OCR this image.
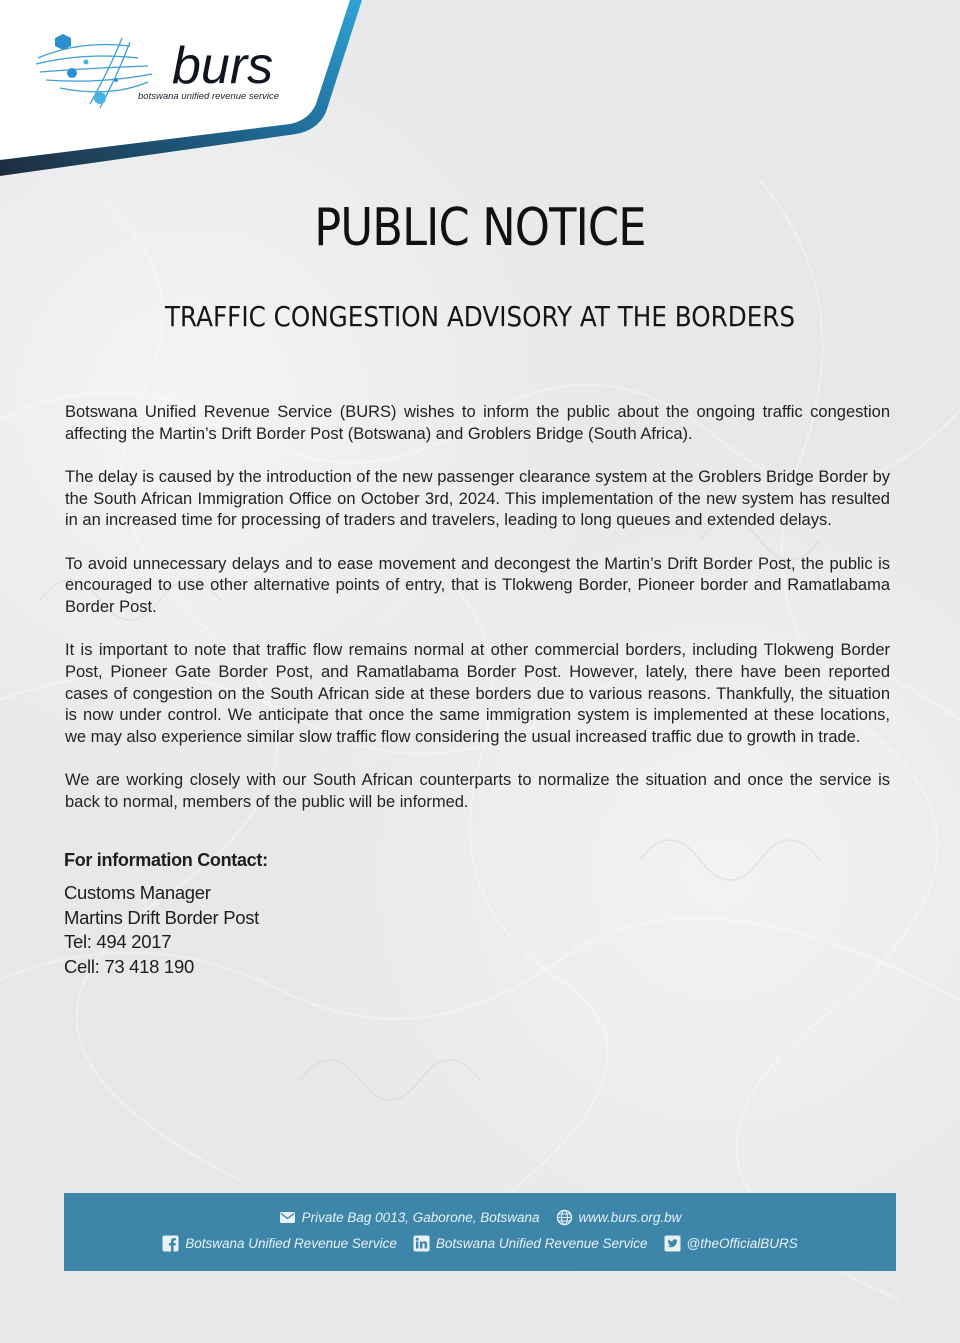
burs
botswana unified revenue service
PUBLIC NOTICE
TRAFFIC CONGESTION ADVISORY AT THE BORDERS

Botswana Unified Revenue Service (BURS) wishes to inform the public about the ongoing traffic congestion affecting the Martin’s Drift Border Post (Botswana) and Groblers Bridge (South Africa).

The delay is caused by the introduction of the new passenger clearance system at the Groblers Bridge Border by the South African Immigration Office on October 3rd, 2024. This implementation of the new system has resulted in an increased time for processing of traders and travelers, leading to long queues and extended delays.

To avoid unnecessary delays and to ease movement and decongest the Martin’s Drift Border Post, the public is encouraged to use other alternative points of entry, that is Tlokweng Border, Pioneer border and Ramatlabama Border Post.

It is important to note that traffic flow remains normal at other commercial borders, including Tlokweng Border Post, Pioneer Gate Border Post, and Ramatlabama Border Post. However, lately, there have been reported cases of congestion on the South African side at these borders due to various reasons. Thankfully, the situation is now under control. We anticipate that once the same immigration system is implemented at these locations, we may also experience similar slow traffic flow considering the usual increased traffic due to growth in trade.

We are working closely with our South African counterparts to normalize the situation and once the service is back to normal, members of the public will be informed.

For information Contact:
Customs Manager
Martins Drift Border Post
Tel: 494 2017
Cell: 73 418 190
Private Bag 0013, Gaborone, Botswana	www.burs.org.bw
Botswana Unified Revenue Service	Botswana Unified Revenue Service	@theOfficialBURS
